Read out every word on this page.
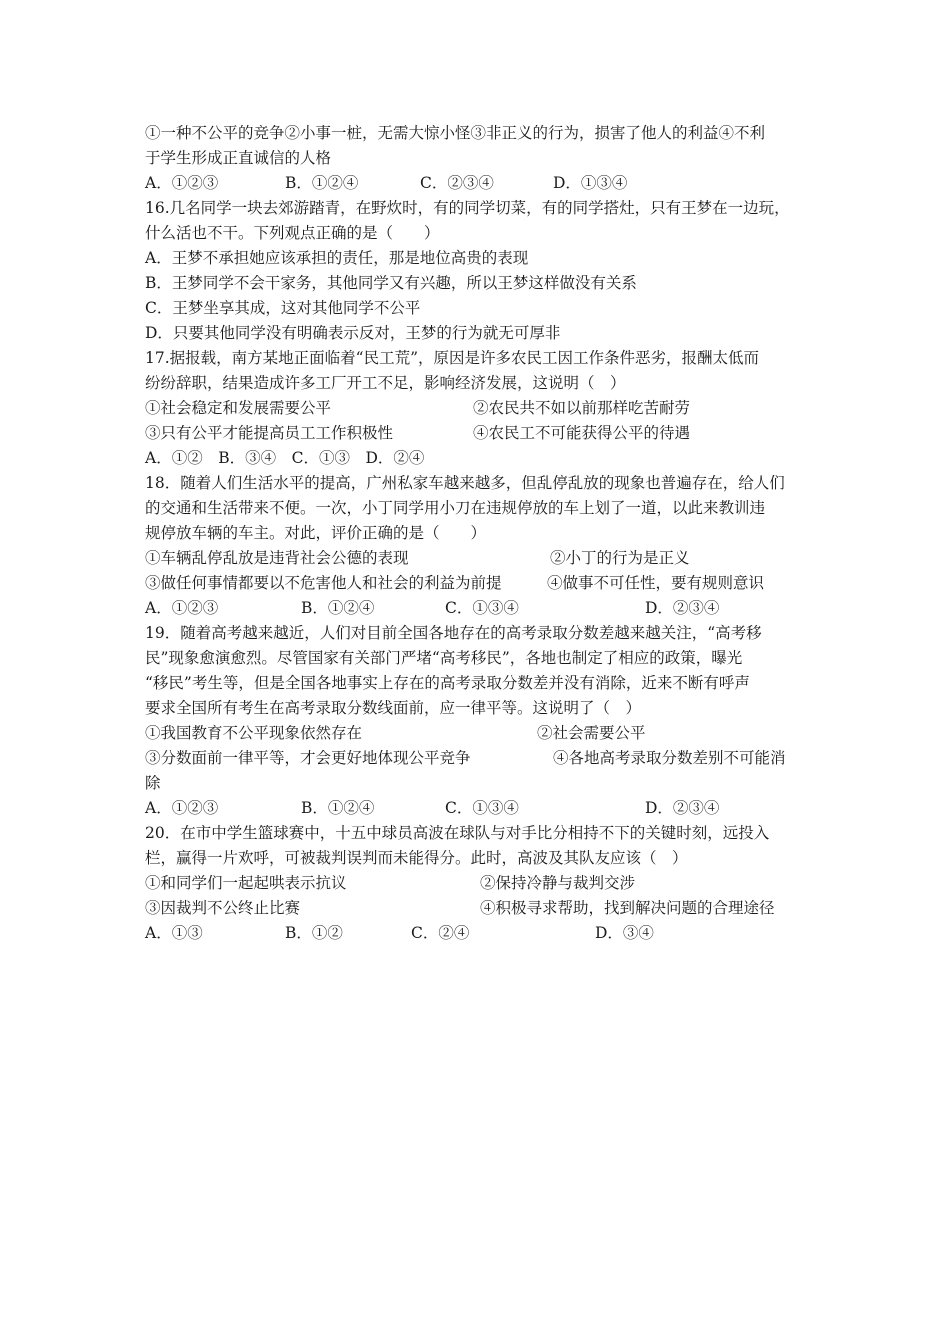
①一种不公平的竞争②小事一桩，无需大惊小怪③非正义的行为，损害了他人的利益④不利
于学生形成正直诚信的人格
A．①②③	B．①②④	C．②③④	D．①③④
16.几名同学一块去郊游踏青，在野炊时，有的同学切菜，有的同学搭灶，只有王梦在一边玩，
什么活也不干。下列观点正确的是（　　）
A．王梦不承担她应该承担的责任，那是地位高贵的表现
B．王梦同学不会干家务，其他同学又有兴趣，所以王梦这样做没有关系
C．王梦坐享其成，这对其他同学不公平
D．只要其他同学没有明确表示反对，王梦的行为就无可厚非
17.据报载，南方某地正面临着“民工荒”，原因是许多农民工因工作条件恶劣，报酬太低而
纷纷辞职，结果造成许多工厂开工不足，影响经济发展，这说明（　）
①社会稳定和发展需要公平	②农民共不如以前那样吃苦耐劳
③只有公平才能提高员工工作积极性	④农民工不可能获得公平的待遇
A．①②　B．③④　C．①③　D．②④
18．随着人们生活水平的提高，广州私家车越来越多，但乱停乱放的现象也普遍存在，给人们
的交通和生活带来不便。一次，小丁同学用小刀在违规停放的车上划了一道，以此来教训违
规停放车辆的车主。对此，评价正确的是（　　）
①车辆乱停乱放是违背社会公德的表现	②小丁的行为是正义
③做任何事情都要以不危害他人和社会的利益为前提	④做事不可任性，要有规则意识
A．①②③	B．①②④	C．①③④	D．②③④
19．随着高考越来越近，人们对目前全国各地存在的高考录取分数差越来越关注，“高考移
民”现象愈演愈烈。尽管国家有关部门严堵“高考移民”，各地也制定了相应的政策，曝光
“移民”考生等，但是全国各地事实上存在的高考录取分数差并没有消除，近来不断有呼声
要求全国所有考生在高考录取分数线面前，应一律平等。这说明了（　）
①我国教育不公平现象依然存在	②社会需要公平
③分数面前一律平等，才会更好地体现公平竞争	④各地高考录取分数差别不可能消
除
A．①②③	B．①②④	C．①③④	D．②③④
20．在市中学生篮球赛中，十五中球员高波在球队与对手比分相持不下的关键时刻，远投入
栏，赢得一片欢呼，可被裁判误判而未能得分。此时，高波及其队友应该（　）
①和同学们一起起哄表示抗议	②保持冷静与裁判交涉
③因裁判不公终止比赛	④积极寻求帮助，找到解决问题的合理途径
A．①③	B．①②	C．②④	D．③④
